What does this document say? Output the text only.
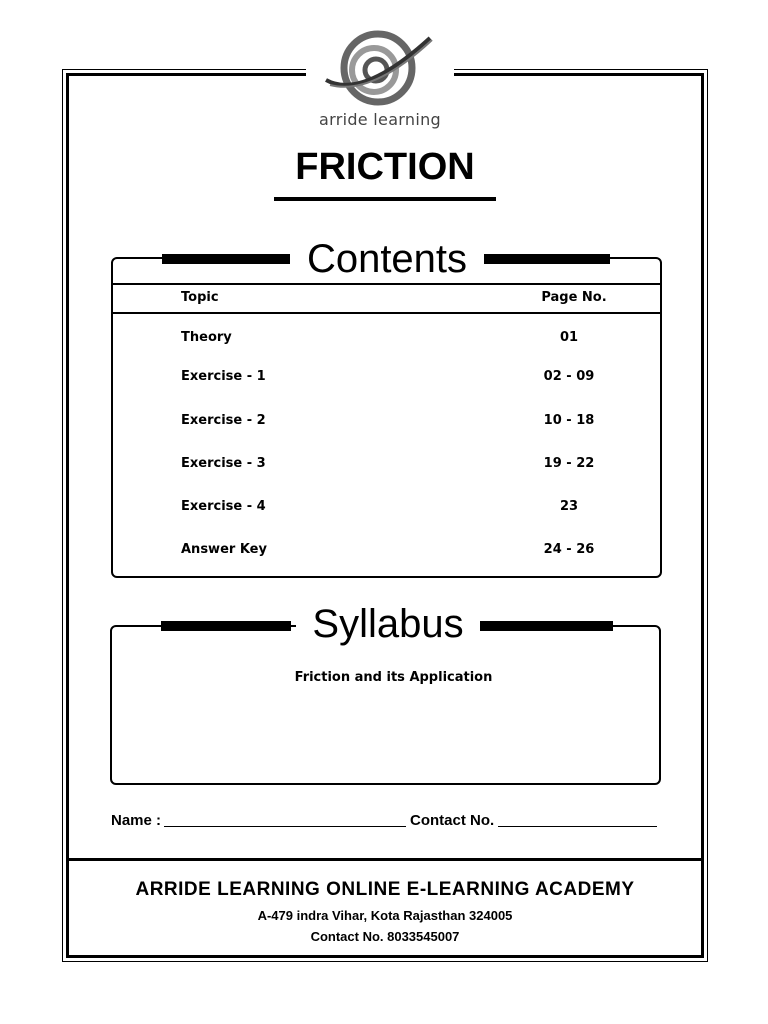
arride learning
FRICTION
Contents
Topic	Page No.
Theory	01
Exercise - 1	02 - 09
Exercise - 2	10 - 18
Exercise - 3	19 - 22
Exercise - 4	23
Answer Key	24 - 26
Syllabus
Friction and its Application
Name :	Contact No.
ARRIDE LEARNING ONLINE E-LEARNING ACADEMY
A-479 indra Vihar, Kota Rajasthan 324005
Contact No. 8033545007
